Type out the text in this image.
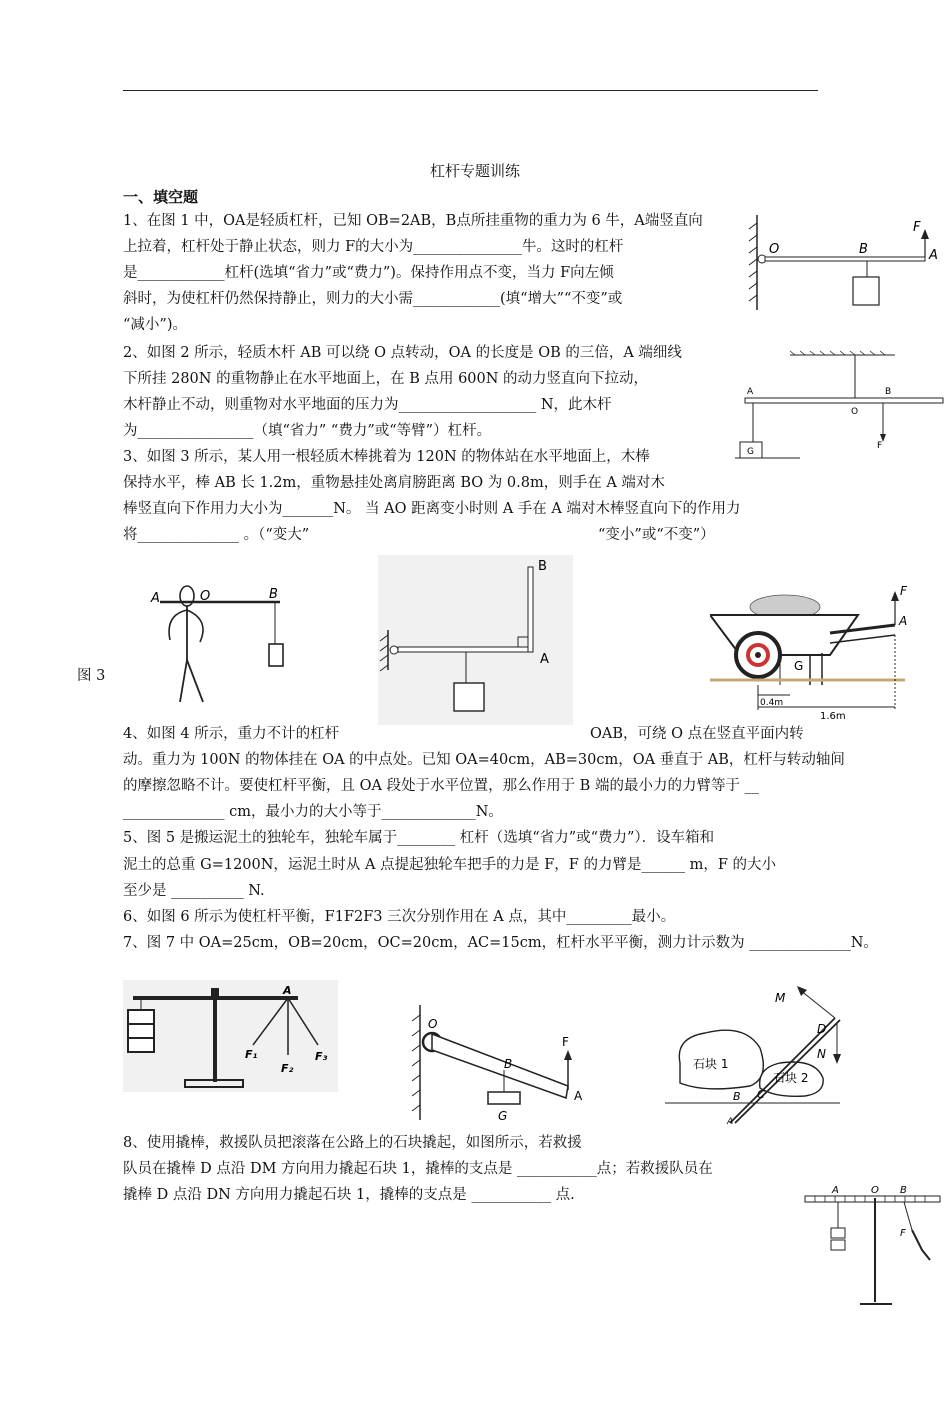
杠杆专题训练
一、填空题
1、在图 1 中，OA是轻质杠杆，已知 OB=2AB，B点所挂重物的重力为 6 牛，A端竖直向
上拉着，杠杆处于静止状态，则力 F的大小为_______________牛。这时的杠杆
是____________杠杆(选填“省力”或“费力”)。保持作用点不变，当力 F向左倾
斜时，为使杠杆仍然保持静止，则力的大小需____________(填“增大”“不变”或
“减小”)。
2、如图 2 所示，轻质木杆 AB 可以绕 O 点转动，OA 的长度是 OB 的三倍，A 端细线
下所挂 280N 的重物静止在水平地面上，在 B 点用 600N 的动力竖直向下拉动，
木杆静止不动，则重物对水平地面的压力为___________________ N，此木杆
为________________（填“省力” “费力”或“等臂”）杠杆。
3、如图 3 所示，某人用一根轻质木棒挑着为 120N 的物体站在水平地面上，木棒
保持水平，棒 AB 长 1.2m，重物悬挂处离肩膀距离 BO 为 0.8m，则手在 A 端对木
棒竖直向下作用力大小为_______N。 当 AO 距离变小时则 A 手在 A 端对木棒竖直向下的作用力
将______________ 。（“变大”	“变小”或“不变”）
图 3
4、如图 4 所示，重力不计的杠杆	OAB，可绕 O 点在竖直平面内转
动。重力为 100N 的物体挂在 OA 的中点处。已知 OA=40cm，AB=30cm，OA 垂直于 AB，杠杆与转动轴间
的摩擦忽略不计。要使杠杆平衡，且 OA 段处于水平位置，那么作用于 B 端的最小力的力臂等于 __
______________ cm，最小力的大小等于_____________N。
5、图 5 是搬运泥土的独轮车，独轮车属于________ 杠杆（选填“省力”或“费力”）．设车箱和
泥土的总重 G=1200N，运泥土时从 A 点提起独轮车把手的力是 F，F 的力臂是______ m，F 的大小
至少是 __________ N.
6、如图 6 所示为使杠杆平衡，F1F2F3 三次分别作用在 A 点，其中_________最小。
7、图 7 中 OA=25cm，OB=20cm，OC=20cm，AC=15cm，杠杆水平平衡，测力计示数为 ______________N。
8、使用撬棒，救援队员把滚落在公路上的石块撬起，如图所示，若救援
队员在撬棒 D 点沿 DM 方向用力撬起石块 1，撬棒的支点是 ___________点；若救援队员在
撬棒 D 点沿 DN 方向用力撬起石块 1，撬棒的支点是 ___________ 点.
O	B	A
F
A	B
O
F
G
A	O	B
B
A
F
A
G
0.4m
1.6m
A
F₁
F₂
F₃
O
B
A
F
G
M
D
N
B C
A
石块 1
石块 2
A	O B
F
